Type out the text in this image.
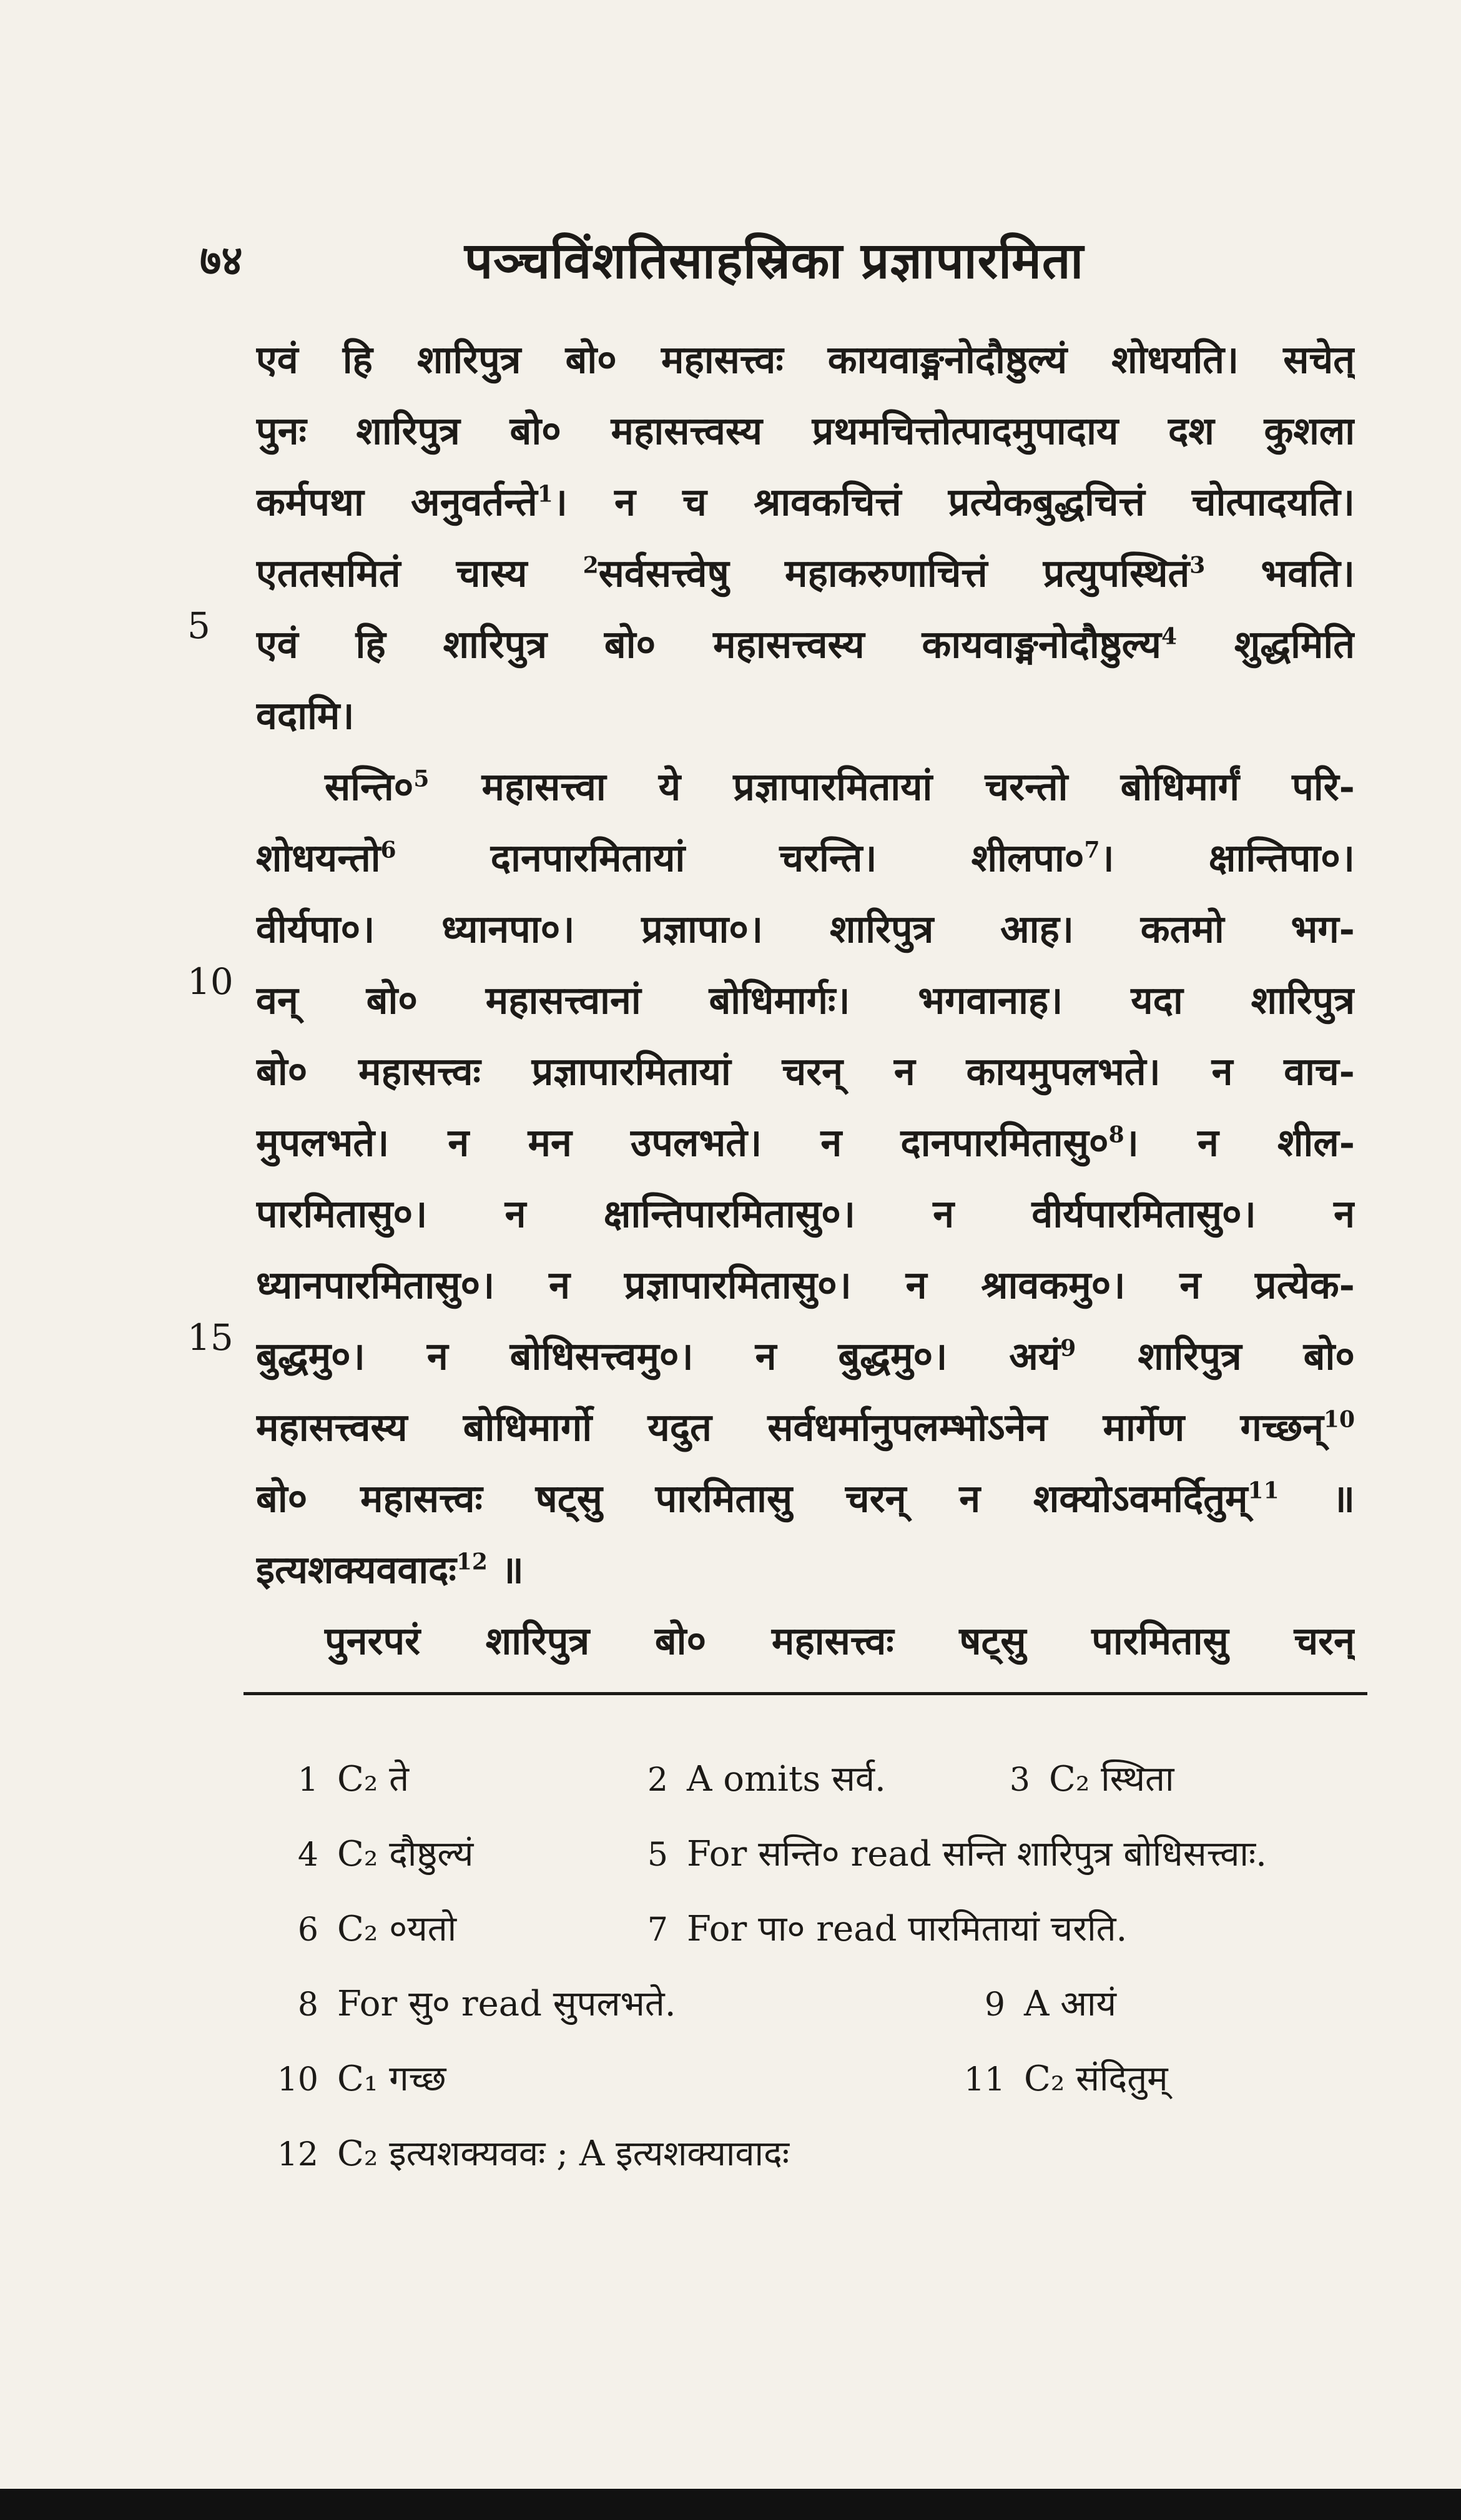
७४	पञ्चविंशतिसाहस्रिका प्रज्ञापारमिता
5
10
15
एवं हि शारिपुत्र बो० महासत्त्वः कायवाङ्मनोदौष्ठुल्यं शोधयति। सचेत्
पुनः शारिपुत्र बो० महासत्त्वस्य प्रथमचित्तोत्पादमुपादाय दश कुशला
कर्मपथा अनुवर्तन्ते$^1$। न च श्रावकचित्तं प्रत्येकबुद्धचित्तं चोत्पादयति।
एततसमितं चास्य $^2$सर्वसत्त्वेषु महाकरुणाचित्तं प्रत्युपस्थितं$^3$ भवति।
एवं हि शारिपुत्र बो० महासत्त्वस्य कायवाङ्मनोदौष्ठुल्य$^4$ शुद्धमिति
वदामि।
$सन्ति०^5$ महासत्त्वा ये प्रज्ञापारमितायां चरन्तो बोधिमार्गं परि-
शोधयन्तो$^6$ दानपारमितायां चरन्ति। $शीलपा०^7।$ क्षान्तिपा०।
वीर्यपा०। ध्यानपा०। प्रज्ञापा०। शारिपुत्र आह। कतमो भग-
वन् बो० महासत्त्वानां बोधिमार्गः। भगवानाह। यदा शारिपुत्र
बो० महासत्त्वः प्रज्ञापारमितायां चरन् न कायमुपलभते। न वाच-
मुपलभते। न मन उपलभते। न $दानपारमितासु०^8।$ न शील-
पारमितासु०। न क्षान्तिपारमितासु०। न वीर्यपारमितासु०। न
ध्यानपारमितासु०। न प्रज्ञापारमितासु०। न श्रावकमु०। न प्रत्येक-
बुद्धमु०। न बोधिसत्त्वमु०। न बुद्धमु०। अयं$^9$ शारिपुत्र बो०
महासत्त्वस्य बोधिमार्गो यदुत सर्वधर्मानुपलम्भोऽनेन मार्गेण गच्छन्$^{10}$
बो० महासत्त्वः षट्सु पारमितासु चरन् न शक्योऽवमर्दितुम्$^{11}$ ॥
इत्यशक्यववादः$^{12}$ ॥
पुनरपरं शारिपुत्र बो० महासत्त्वः षट्सु पारमितासु चरन्
1 C₂ ते	2 A omits सर्व.	3 C₂ स्थिता
4 C₂ दौष्ठुल्यं	5 For सन्ति० read सन्ति शारिपुत्र बोधिसत्त्वाः.
6 C₂ ०यतो	7 For पा० read पारमितायां चरति.
8 For सु० read सुपलभते.	9 A आयं
10 C₁ गच्छ	11 C₂ संदितुम्
12 C₂ इत्यशक्यववः ; A इत्यशक्यावादः
